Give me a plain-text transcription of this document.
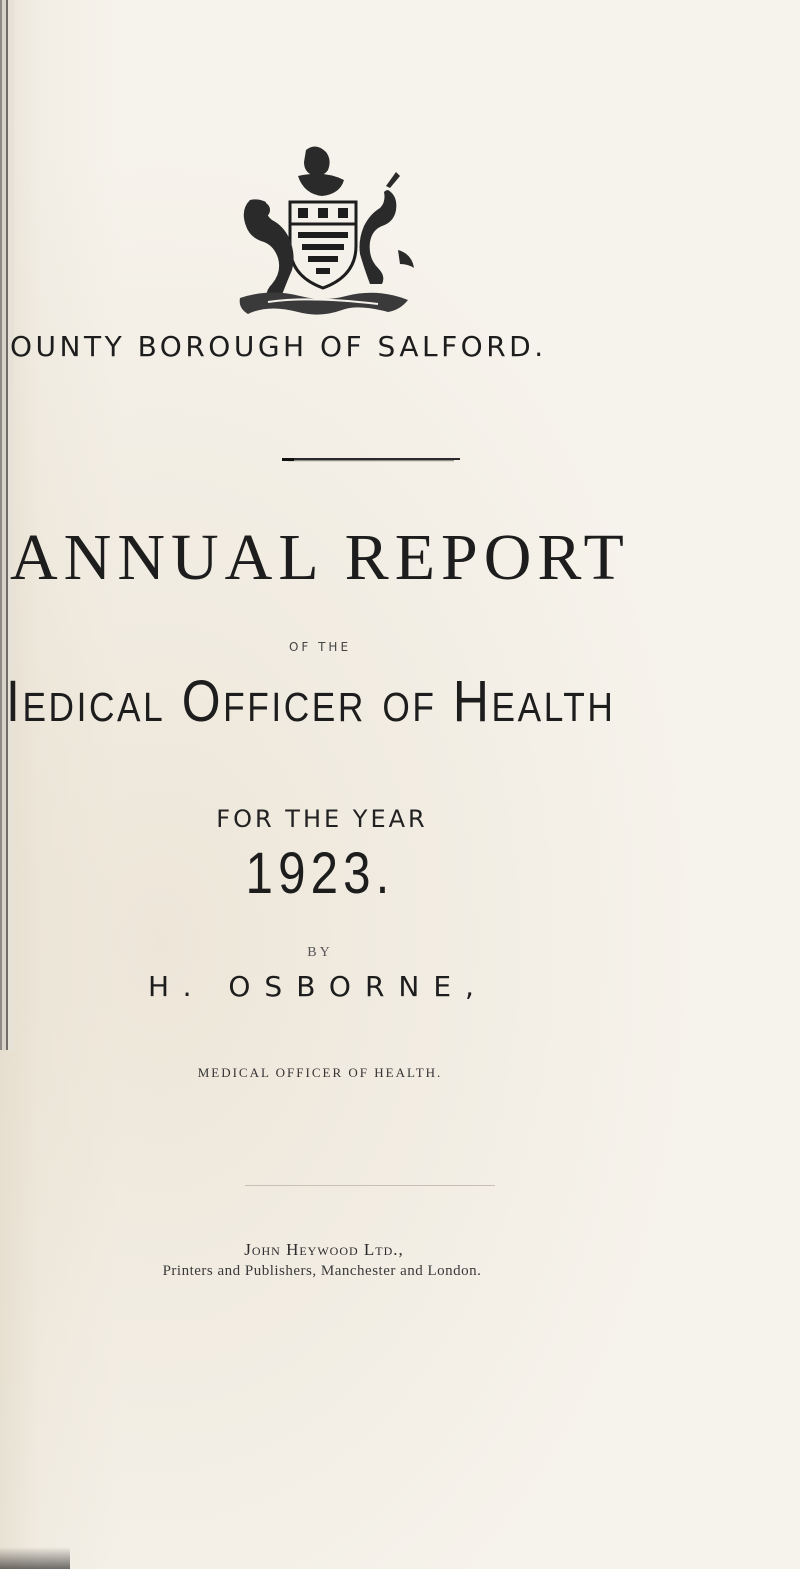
OUNTY BOROUGH OF SALFORD.
ANNUAL REPORT
OF THE
Iedical Officer of Health
FOR THE YEAR
1923.
BY
H. OSBORNE,
MEDICAL OFFICER OF HEALTH.
John Heywood Ltd.,
Printers and Publishers, Manchester and London.
